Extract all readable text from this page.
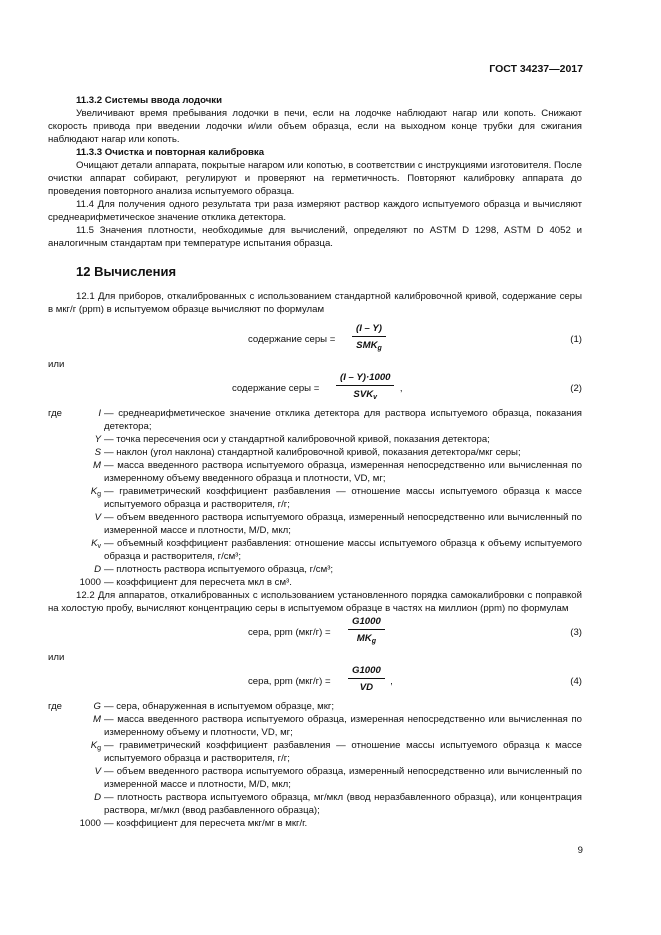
ГОСТ 34237—2017

11.3.2 Системы ввода лодочки

Увеличивают время пребывания лодочки в печи, если на лодочке наблюдают нагар или копоть. Снижают скорость привода при введении лодочки и/или объем образца, если на выходном конце трубки для сжигания наблюдают нагар или копоть.

11.3.3 Очистка и повторная калибровка

Очищают детали аппарата, покрытые нагаром или копотью, в соответствии с инструкциями изготовителя. После очистки аппарат собирают, регулируют и проверяют на герметичность. Повторяют калибровку аппарата до проведения повторного анализа испытуемого образца.

11.4 Для получения одного результата три раза измеряют раствор каждого испытуемого образца и вычисляют среднеарифметическое значение отклика детектора.

11.5 Значения плотности, необходимые для вычислений, определяют по ASTM D 1298, ASTM D 4052 и аналогичным стандартам при температуре испытания образца.

12 Вычисления

12.1 Для приборов, откалиброванных с использованием стандартной калибровочной кривой, содержание серы в мкг/г (ppm) в испытуемом образце вычисляют по формулам

содержание серы =
(I – Y)
$SMK_g$
(1)

или

содержание серы =
(I – Y)·1000
$SVK_v$
,	(2)
где	I — среднеарифметическое значение отклика детектора для раствора испытуемого образца, показания детектора;
Y — точка пересечения оси y стандартной калибровочной кривой, показания детектора;
S — наклон (угол наклона) стандартной калибровочной кривой, показания детектора/мкг серы;
M — масса введенного раствора испытуемого образца, измеренная непосредственно или вычисленная по измеренному объему введенного образца и плотности, VD, мг;
$K_g$ — гравиметрический коэффициент разбавления — отношение массы испытуемого образца к массе испытуемого образца и растворителя, г/г;
V — объем введенного раствора испытуемого образца, измеренный непосредственно или вычисленный по измеренной массе и плотности, M/D, мкл;
$K_v$ — объемный коэффициент разбавления: отношение массы испытуемого образца к объему испытуемого образца и растворителя, г/см³;
D — плотность раствора испытуемого образца, г/см³;
1000 — коэффициент для пересчета мкл в см³.

12.2 Для аппаратов, откалиброванных с использованием установленного порядка самокалибровки с поправкой на холостую пробу, вычисляют концентрацию серы в испытуемом образце в частях на миллион (ppm) по формулам

сера, ppm (мкг/г) =
G1000
$MK_g$
(3)

или

сера, ppm (мкг/г) =
G1000
VD
,	(4)
где	G — сера, обнаруженная в испытуемом образце, мкг;
M — масса введенного раствора испытуемого образца, измеренная непосредственно или вычисленная по измеренному объему и плотности, VD, мг;
$K_g$ — гравиметрический коэффициент разбавления — отношение массы испытуемого образца к массе испытуемого образца и растворителя, г/г;
V — объем введенного раствора испытуемого образца, измеренный непосредственно или вычисленный по измеренной массе и плотности, M/D, мкл;
D — плотность раствора испытуемого образца, мг/мкл (ввод неразбавленного образца), или концентрация раствора, мг/мкл (ввод разбавленного образца);
1000 — коэффициент для пересчета мкг/мг в мкг/г.
9
